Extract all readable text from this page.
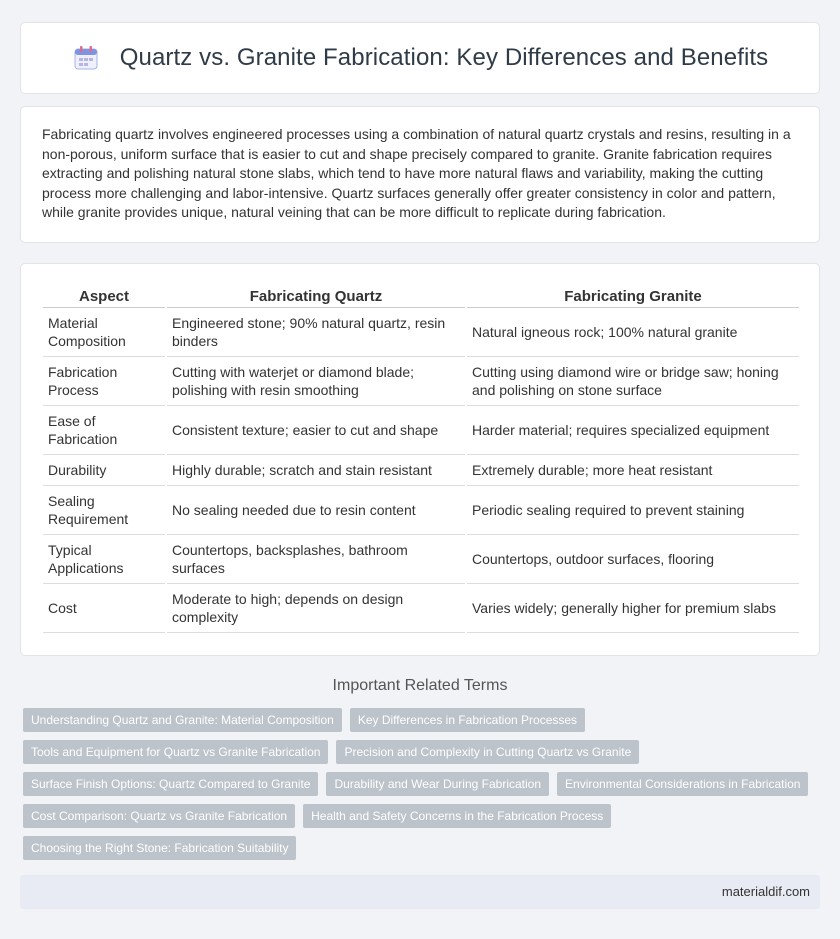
Quartz vs. Granite Fabrication: Key Differences and Benefits

Fabricating quartz involves engineered processes using a combination of natural quartz crystals and resins, resulting in a non-porous, uniform surface that is easier to cut and shape precisely compared to granite. Granite fabrication requires extracting and polishing natural stone slabs, which tend to have more natural flaws and variability, making the cutting process more challenging and labor-intensive. Quartz surfaces generally offer greater consistency in color and pattern, while granite provides unique, natural veining that can be more difficult to replicate during fabrication.

Aspect	Fabricating Quartz	Fabricating Granite
Material Composition	Engineered stone; 90% natural quartz, resin binders	Natural igneous rock; 100% natural granite
Fabrication Process	Cutting with waterjet or diamond blade; polishing with resin smoothing	Cutting using diamond wire or bridge saw; honing and polishing on stone surface
Ease of Fabrication	Consistent texture; easier to cut and shape	Harder material; requires specialized equipment
Durability	Highly durable; scratch and stain resistant	Extremely durable; more heat resistant
Sealing Requirement	No sealing needed due to resin content	Periodic sealing required to prevent staining
Typical Applications	Countertops, backsplashes, bathroom surfaces	Countertops, outdoor surfaces, flooring
Cost	Moderate to high; depends on design complexity	Varies widely; generally higher for premium slabs
Important Related Terms
Understanding Quartz and Granite: Material Composition	Key Differences in Fabrication Processes
Tools and Equipment for Quartz vs Granite Fabrication	Precision and Complexity in Cutting Quartz vs Granite
Surface Finish Options: Quartz Compared to Granite	Durability and Wear During Fabrication	Environmental Considerations in Fabrication
Cost Comparison: Quartz vs Granite Fabrication	Health and Safety Concerns in the Fabrication Process
Choosing the Right Stone: Fabrication Suitability
materialdif.com
